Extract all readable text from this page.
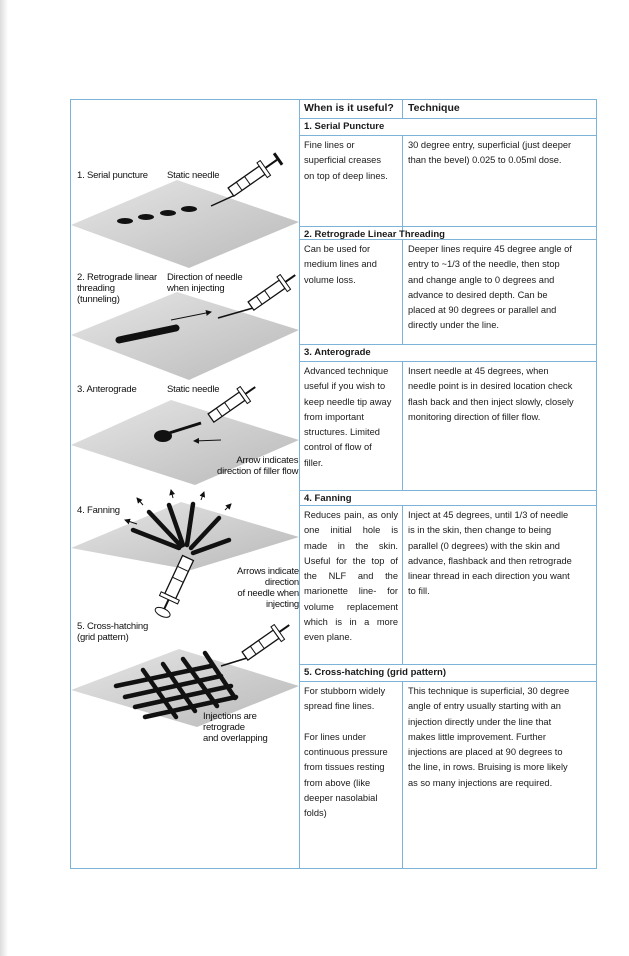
1. Serial puncture Static needle
2. Retrograde linear
threading
(tunneling)
Direction of needle
when injecting
3. Anterograde	Static needle
Arrow indicates
direction of filler flow
4. Fanning
Arrows indicate direction
of needle when injecting
5. Cross-hatching
(grid pattern)
Injections are retrograde
and overlapping
When is it useful?	Technique
1. Serial Puncture
Fine lines or
superficial creases
on top of deep lines.
30 degree entry, superficial (just deeper
than the bevel) 0.025 to 0.05ml dose.
2. Retrograde Linear Threading
Can be used for
medium lines and
volume loss.
Deeper lines require 45 degree angle of
entry to ~1/3 of the needle, then stop
and change angle to 0 degrees and
advance to desired depth. Can be
placed at 90 degrees or parallel and
directly under the line.
3. Anterograde
Advanced technique
useful if you wish to
keep needle tip away
from important
structures. Limited
control of flow of
filler.
Insert needle at 45 degrees, when
needle point is in desired location check
flash back and then inject slowly, closely
monitoring direction of filler flow.
4. Fanning
Reduces pain, as only one initial hole is made in the skin. Useful for the top of the NLF and the marionette line- for volume replacement which is in a more even plane.
Inject at 45 degrees, until 1/3 of needle
is in the skin, then change to being
parallel (0 degrees) with the skin and
advance, flashback and then retrograde
linear thread in each direction you want
to fill.
5. Cross-hatching (grid pattern)
For stubborn widely
spread fine lines.

For lines under
continuous pressure
from tissues resting
from above (like
deeper nasolabial
folds)
This technique is superficial, 30 degree
angle of entry usually starting with an
injection directly under the line that
makes little improvement. Further
injections are placed at 90 degrees to
the line, in rows. Bruising is more likely
as so many injections are required.
